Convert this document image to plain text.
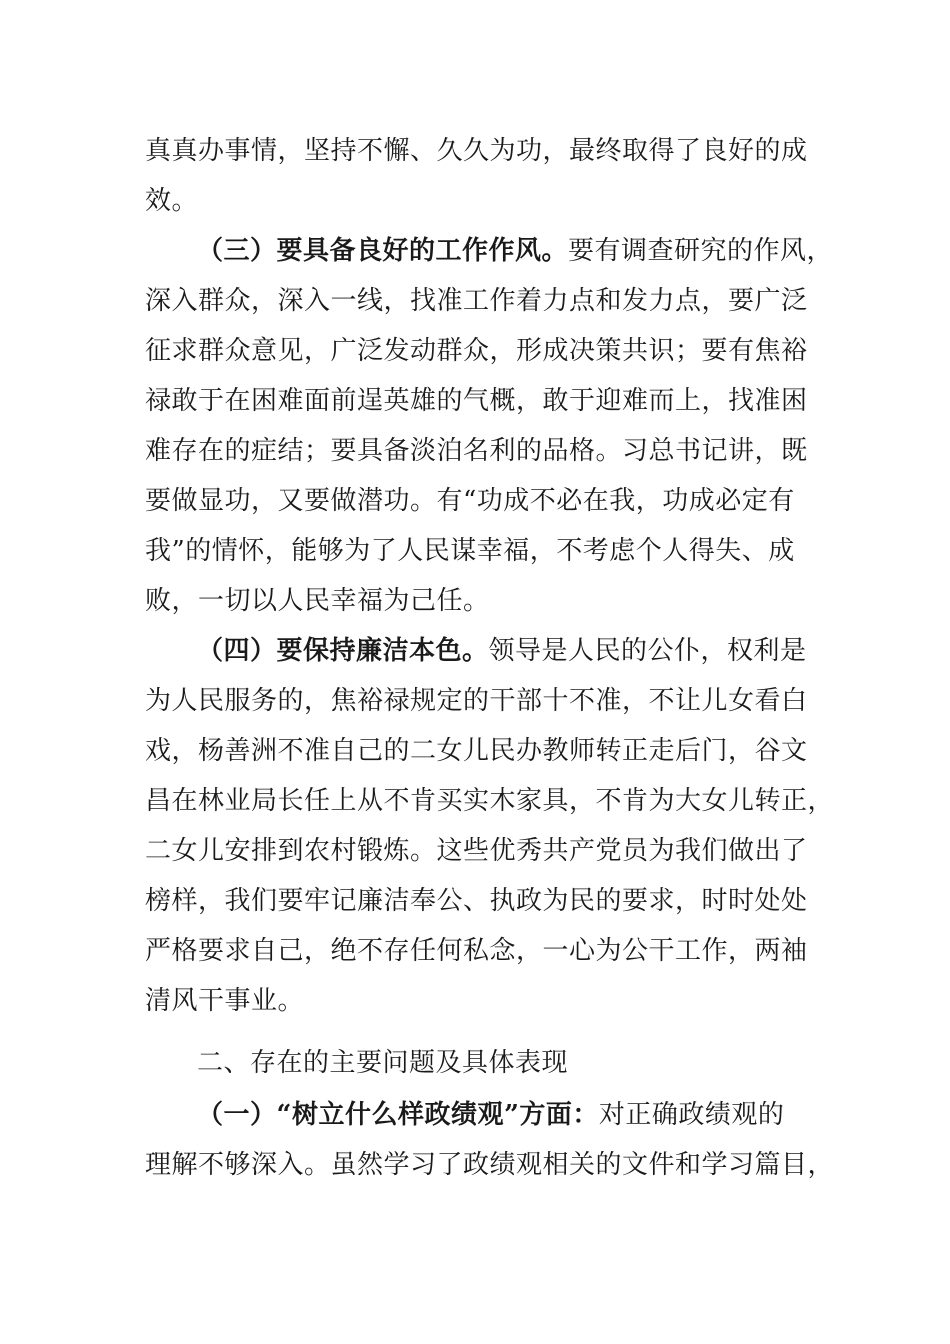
真真办事情，坚持不懈、久久为功，最终取得了良好的成
效。
（三）要具备良好的工作作风。要有调查研究的作风，
深入群众，深入一线，找准工作着力点和发力点，要广泛
征求群众意见，广泛发动群众，形成决策共识；要有焦裕
禄敢于在困难面前逞英雄的气概，敢于迎难而上，找准困
难存在的症结；要具备淡泊名利的品格。习总书记讲，既
要做显功，又要做潜功。有“功成不必在我，功成必定有
我”的情怀，能够为了人民谋幸福，不考虑个人得失、成
败，一切以人民幸福为己任。
（四）要保持廉洁本色。领导是人民的公仆，权利是
为人民服务的，焦裕禄规定的干部十不准，不让儿女看白
戏，杨善洲不准自己的二女儿民办教师转正走后门，谷文
昌在林业局长任上从不肯买实木家具，不肯为大女儿转正，
二女儿安排到农村锻炼。这些优秀共产党员为我们做出了
榜样，我们要牢记廉洁奉公、执政为民的要求，时时处处
严格要求自己，绝不存任何私念，一心为公干工作，两袖
清风干事业。
二、存在的主要问题及具体表现
（一）“树立什么样政绩观”方面：对正确政绩观的
理解不够深入。虽然学习了政绩观相关的文件和学习篇目，
